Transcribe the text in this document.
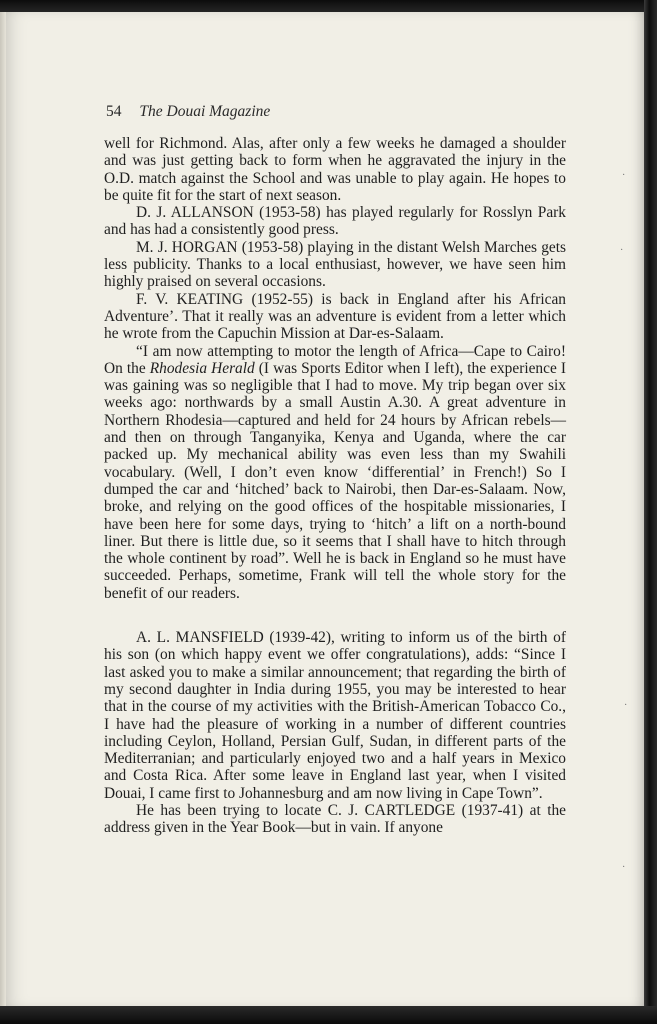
54 The Douai Magazine

well for Richmond. Alas, after only a few weeks he damaged a shoulder and was just getting back to form when he aggravated the injury in the O.D. match against the School and was unable to play again. He hopes to be quite fit for the start of next season.

D. J. ALLANSON (1953-58) has played regularly for Rosslyn Park and has had a consistently good press.

M. J. HORGAN (1953-58) playing in the distant Welsh Marches gets less publicity. Thanks to a local enthusiast, however, we have seen him highly praised on several occasions.

F. V. KEATING (1952-55) is back in England after his African Adventure’. That it really was an adventure is evident from a letter which he wrote from the Capuchin Mission at Dar-es-Salaam.

“I am now attempting to motor the length of Africa—Cape to Cairo! On the Rhodesia Herald (I was Sports Editor when I left), the experience I was gaining was so negligible that I had to move. My trip began over six weeks ago: northwards by a small Austin A.30. A great adventure in Northern Rhodesia—captured and held for 24 hours by African rebels—and then on through Tanganyika, Kenya and Uganda, where the car packed up. My mechanical ability was even less than my Swahili vocabulary. (Well, I don’t even know ‘differential’ in French!) So I dumped the car and ‘hitched’ back to Nairobi, then Dar-es-Salaam. Now, broke, and relying on the good offices of the hospitable missionaries, I have been here for some days, trying to ‘hitch’ a lift on a north-bound liner. But there is little due, so it seems that I shall have to hitch through the whole continent by road”. Well he is back in England so he must have succeeded. Perhaps, sometime, Frank will tell the whole story for the benefit of our readers.

A. L. MANSFIELD (1939-42), writing to inform us of the birth of his son (on which happy event we offer congratulations), adds: “Since I last asked you to make a similar announcement; that regarding the birth of my second daughter in India during 1955, you may be interested to hear that in the course of my activities with the British-American Tobacco Co., I have had the pleasure of working in a number of different countries including Ceylon, Holland, Persian Gulf, Sudan, in different parts of the Mediterranian; and particularly enjoyed two and a half years in Mexico and Costa Rica. After some leave in England last year, when I visited Douai, I came first to Johannesburg and am now living in Cape Town”.

He has been trying to locate C. J. CARTLEDGE (1937-41) at the address given in the Year Book—but in vain. If anyone

·
·
·
·
